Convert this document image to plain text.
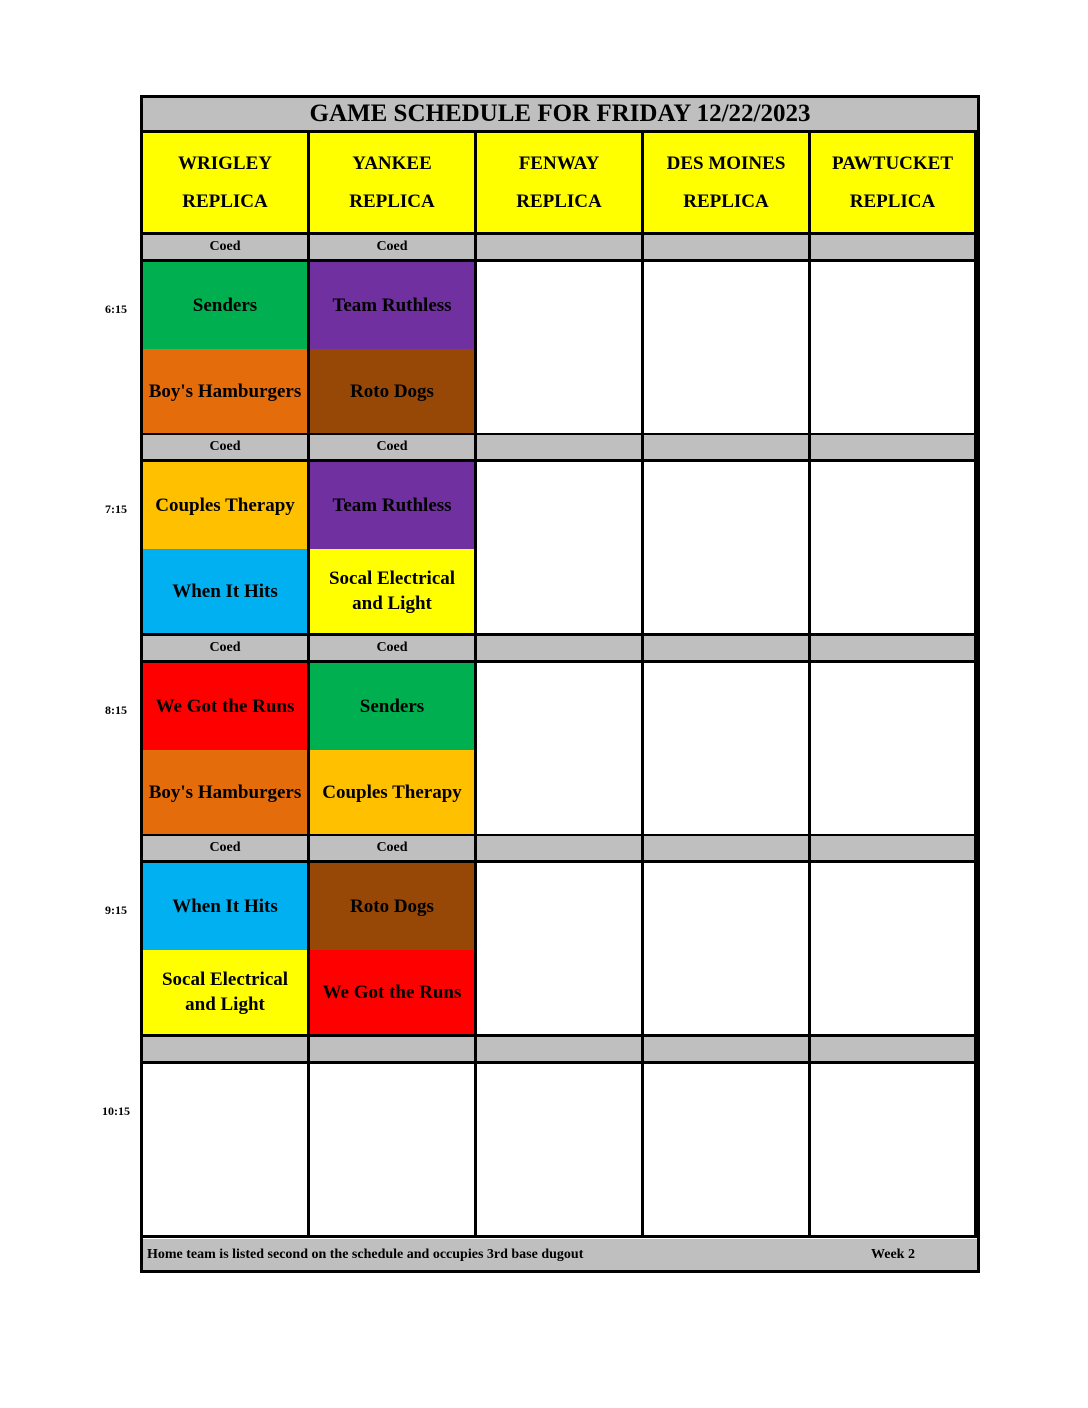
GAME SCHEDULE FOR FRIDAY 12/22/2023
WRIGLEY
REPLICA
YANKEE
REPLICA
FENWAY
REPLICA
DES MOINES
REPLICA
PAWTUCKET
REPLICA
Coed
Senders
Boy's Hamburgers
Coed
Team Ruthless
Roto Dogs
Coed
Couples Therapy
When It Hits
Coed
Team Ruthless
Socal Electrical and Light
Coed
We Got the Runs
Boy's Hamburgers
Coed
Senders
Couples Therapy
Coed
When It Hits
Socal Electrical and Light
Coed
Roto Dogs
We Got the Runs
Home team is listed second on the schedule and occupies 3rd base dugout	Week 2
6:15
7:15
8:15
9:15
10:15
